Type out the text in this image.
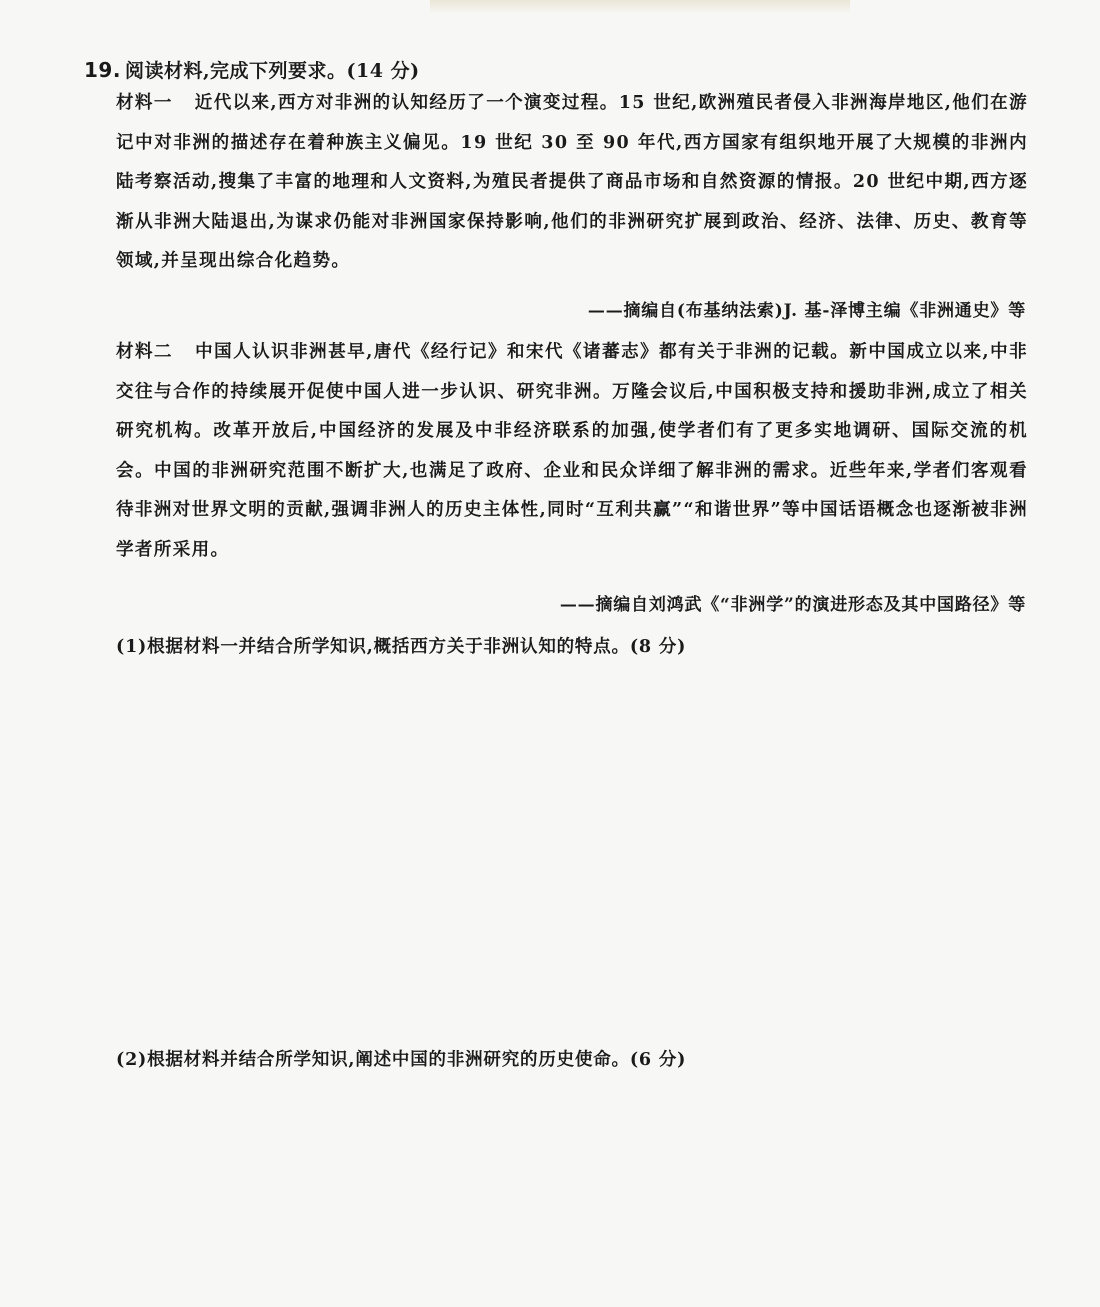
19. 阅读材料,完成下列要求。(14 分)
材料一 近代以来,西方对非洲的认知经历了一个演变过程。15 世纪,欧洲殖民者侵入非洲海岸地区,他们在游记中对非洲的描述存在着种族主义偏见。19 世纪 30 至 90 年代,西方国家有组织地开展了大规模的非洲内陆考察活动,搜集了丰富的地理和人文资料,为殖民者提供了商品市场和自然资源的情报。20 世纪中期,西方逐渐从非洲大陆退出,为谋求仍能对非洲国家保持影响,他们的非洲研究扩展到政治、经济、法律、历史、教育等领域,并呈现出综合化趋势。
——摘编自(布基纳法索)J. 基-泽博主编《非洲通史》等
材料二 中国人认识非洲甚早,唐代《经行记》和宋代《诸蕃志》都有关于非洲的记载。新中国成立以来,中非交往与合作的持续展开促使中国人进一步认识、研究非洲。万隆会议后,中国积极支持和援助非洲,成立了相关研究机构。改革开放后,中国经济的发展及中非经济联系的加强,使学者们有了更多实地调研、国际交流的机会。中国的非洲研究范围不断扩大,也满足了政府、企业和民众详细了解非洲的需求。近些年来,学者们客观看待非洲对世界文明的贡献,强调非洲人的历史主体性,同时“互利共赢”“和谐世界”等中国话语概念也逐渐被非洲学者所采用。
——摘编自刘鸿武《“非洲学”的演进形态及其中国路径》等
(1)根据材料一并结合所学知识,概括西方关于非洲认知的特点。(8 分)
(2)根据材料并结合所学知识,阐述中国的非洲研究的历史使命。(6 分)
